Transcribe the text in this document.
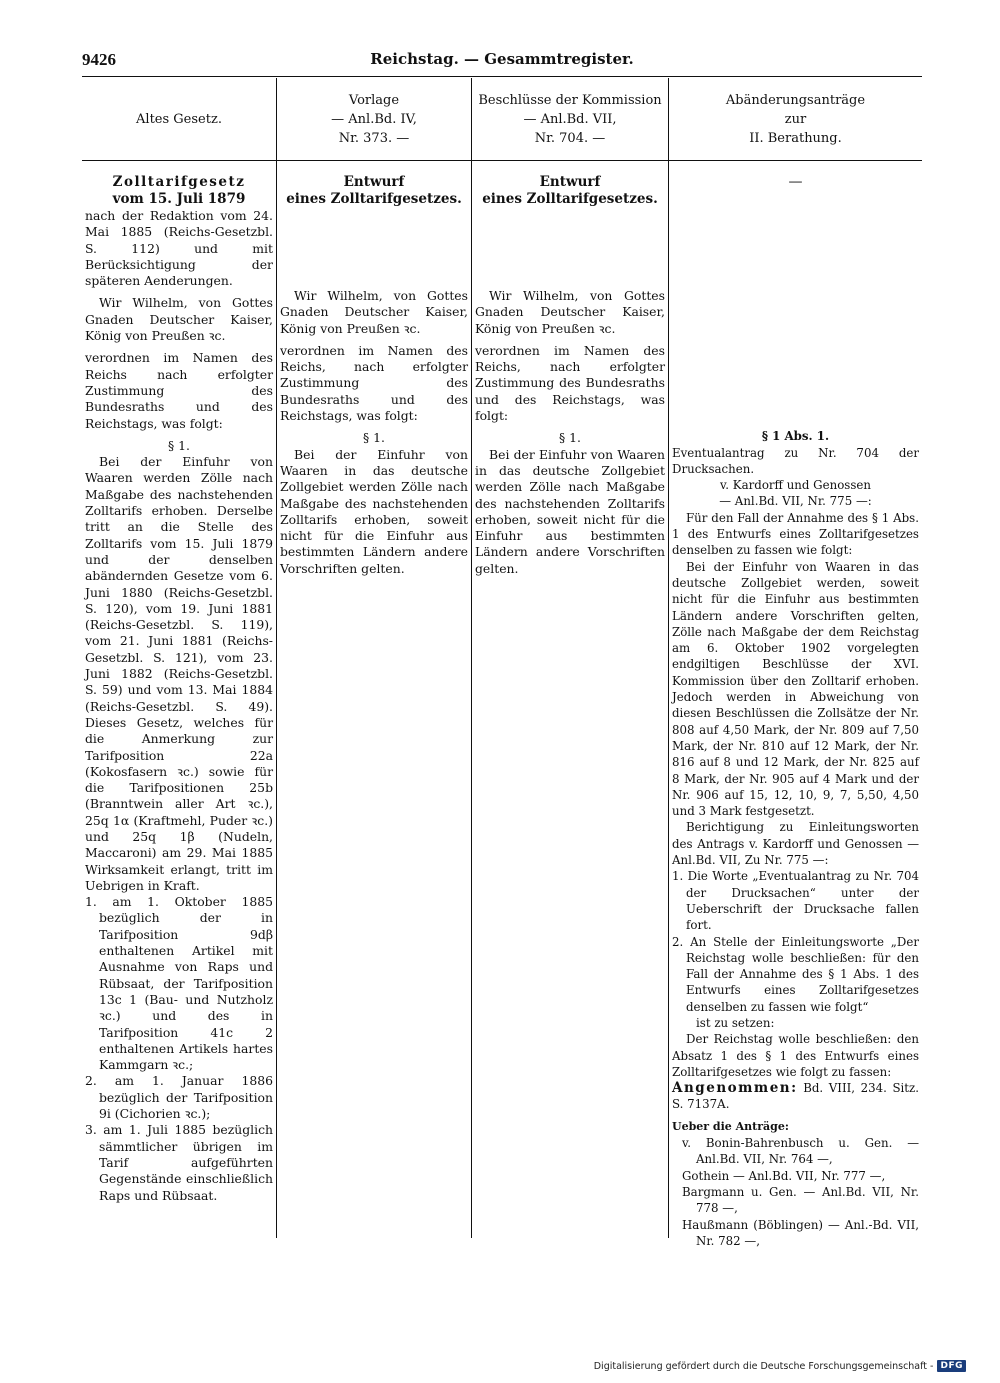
9426	Reichstag. — Gesammtregister.
Altes Gesetz.
Zolltarifgesetz
vom 15. Juli 1879

nach der Redaktion vom 24. Mai 1885 (Reichs-Gesetzbl. S. 112) und mit Berücksichtigung der späteren Aenderungen.

Wir Wilhelm, von Gottes Gnaden Deutscher Kaiser, König von Preußen ꝛc.

verordnen im Namen des Reichs nach erfolgter Zustimmung des Bundesraths und des Reichstags, was folgt:

§ 1.

Bei der Einfuhr von Waaren werden Zölle nach Maßgabe des nachstehenden Zolltarifs erhoben. Derselbe tritt an die Stelle des Zolltarifs vom 15. Juli 1879 und der denselben abändernden Gesetze vom 6. Juni 1880 (Reichs-Gesetzbl. S. 120), vom 19. Juni 1881 (Reichs-Gesetzbl. S. 119), vom 21. Juni 1881 (Reichs-Gesetzbl. S. 121), vom 23. Juni 1882 (Reichs-Gesetzbl. S. 59) und vom 13. Mai 1884 (Reichs-Gesetzbl. S. 49). Dieses Gesetz, welches für die Anmerkung zur Tarifposition 22a (Kokosfasern ꝛc.) sowie für die Tarifpositionen 25b (Branntwein aller Art ꝛc.), 25q 1α (Kraftmehl, Puder ꝛc.) und 25q 1β (Nudeln, Maccaroni) am 29. Mai 1885 Wirksamkeit erlangt, tritt im Uebrigen in Kraft.

1. am 1. Oktober 1885 bezüglich der in Tarifposition 9dβ enthaltenen Artikel mit Ausnahme von Raps und Rübsaat, der Tarifposition 13c 1 (Bau- und Nutzholz ꝛc.) und des in Tarifposition 41c 2 enthaltenen Artikels hartes Kammgarn ꝛc.;

2. am 1. Januar 1886 bezüglich der Tarifposition 9i (Cichorien ꝛc.);

3. am 1. Juli 1885 bezüglich sämmtlicher übrigen im Tarif aufgeführten Gegenstände einschließlich Raps und Rübsaat.

Vorlage
— Anl.Bd. IV,
Nr. 373. —
Entwurf
eines Zolltarifgesetzes.

Wir Wilhelm, von Gottes Gnaden Deutscher Kaiser, König von Preußen ꝛc.

verordnen im Namen des Reichs, nach erfolgter Zustimmung des Bundesraths und des Reichstags, was folgt:

§ 1.

Bei der Einfuhr von Waaren in das deutsche Zollgebiet werden Zölle nach Maßgabe des nachstehenden Zolltarifs erhoben, soweit nicht für die Einfuhr aus bestimmten Ländern andere Vorschriften gelten.

Beschlüsse der Kommission
— Anl.Bd. VII,
Nr. 704. —
Entwurf
eines Zolltarifgesetzes.

Wir Wilhelm, von Gottes Gnaden Deutscher Kaiser, König von Preußen ꝛc.

verordnen im Namen des Reichs, nach erfolgter Zustimmung des Bundesraths und des Reichstags, was folgt:

§ 1.

Bei der Einfuhr von Waaren in das deutsche Zollgebiet werden Zölle nach Maßgabe des nachstehenden Zolltarifs erhoben, soweit nicht für die Einfuhr aus bestimmten Ländern andere Vorschriften gelten.

Abänderungsanträge
zur
II. Berathung.

—

§ 1 Abs. 1.

Eventualantrag zu Nr. 704 der Drucksachen.

v. Kardorff und Genossen

— Anl.Bd. VII, Nr. 775 —:

Für den Fall der Annahme des § 1 Abs. 1 des Entwurfs eines Zolltarifgesetzes denselben zu fassen wie folgt:

Bei der Einfuhr von Waaren in das deutsche Zollgebiet werden, soweit nicht für die Einfuhr aus bestimmten Ländern andere Vorschriften gelten, Zölle nach Maßgabe der dem Reichstag am 6. Oktober 1902 vorgelegten endgiltigen Beschlüsse der XVI. Kommission über den Zolltarif erhoben. Jedoch werden in Abweichung von diesen Beschlüssen die Zollsätze der Nr. 808 auf 4,50 Mark, der Nr. 809 auf 7,50 Mark, der Nr. 810 auf 12 Mark, der Nr. 816 auf 8 und 12 Mark, der Nr. 825 auf 8 Mark, der Nr. 905 auf 4 Mark und der Nr. 906 auf 15, 12, 10, 9, 7, 5,50, 4,50 und 3 Mark festgesetzt.

Berichtigung zu Einleitungsworten des Antrags v. Kardorff und Genossen — Anl.Bd. VII, Zu Nr. 775 —:

1. Die Worte „Eventualantrag zu Nr. 704 der Drucksachen“ unter der Ueberschrift der Drucksache fallen fort.

2. An Stelle der Einleitungsworte „Der Reichstag wolle beschließen: für den Fall der Annahme des § 1 Abs. 1 des Entwurfs eines Zolltarifgesetzes denselben zu fassen wie folgt“

ist zu setzen:

Der Reichstag wolle beschließen: den Absatz 1 des § 1 des Entwurfs eines Zolltarifgesetzes wie folgt zu fassen:

Angenommen: Bd. VIII, 234. Sitz. S. 7137A.

Ueber die Anträge:

v. Bonin-Bahrenbusch u. Gen. — Anl.Bd. VII, Nr. 764 —,

Gothein — Anl.Bd. VII, Nr. 777 —,

Bargmann u. Gen. — Anl.Bd. VII, Nr. 778 —,

Haußmann (Böblingen) — Anl.-Bd. VII, Nr. 782 —,

Digitalisierung gefördert durch die Deutsche Forschungsgemeinschaft - DFG
